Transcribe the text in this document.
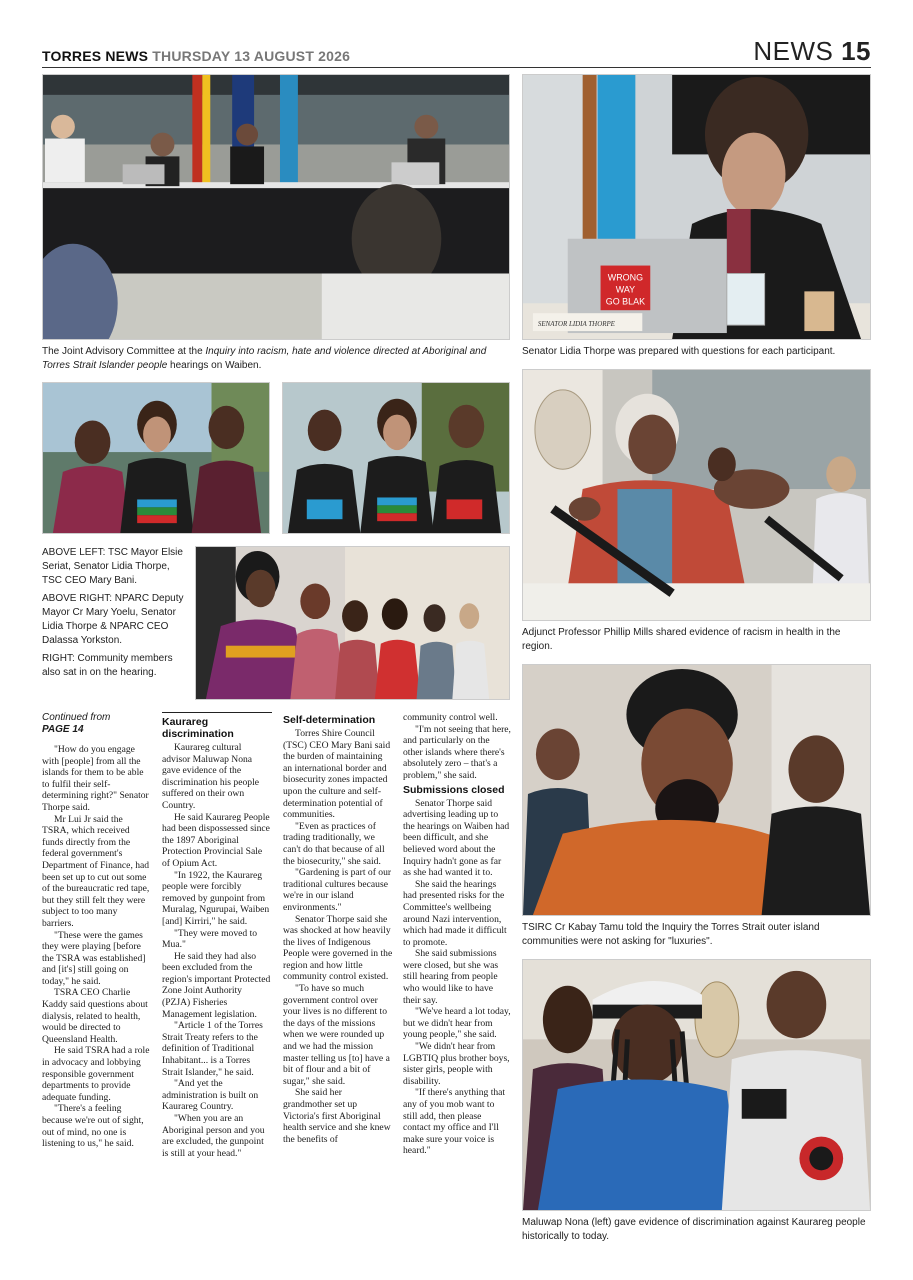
TORRES NEWS THURSDAY 13 AUGUST 2026	NEWS 15
The Joint Advisory Committee at the Inquiry into racism, hate and violence directed at Aboriginal and Torres Strait Islander people hearings on Waiben.
WRONG
WAY
GO BLAK
SENATOR LIDIA THORPE
Senator Lidia Thorpe was prepared with questions for each participant.

ABOVE LEFT: TSC Mayor Elsie Seriat, Senator Lidia Thorpe, TSC CEO Mary Bani.

ABOVE RIGHT: NPARC Deputy Mayor Cr Mary Yoelu, Senator Lidia Thorpe & NPARC CEO Dalassa Yorkston.

RIGHT: Community members also sat in on the hearing.

Adjunct Professor Phillip Mills shared evidence of racism in health in the region.
TSIRC Cr Kabay Tamu told the Inquiry the Torres Strait outer island communities were not asking for "luxuries".
Maluwap Nona (left) gave evidence of discrimination against Kaurareg people historically to today.
Continued from
PAGE 14

"How do you engage with [people] from all the islands for them to be able to fulfil their self-determining right?" Senator Thorpe said.

Mr Lui Jr said the TSRA, which received funds directly from the federal government's Department of Finance, had been set up to cut out some of the bureaucratic red tape, but they still felt they were subject to too many barriers.

"These were the games they were playing [before the TSRA was established] and [it's] still going on today," he said.

TSRA CEO Charlie Kaddy said questions about dialysis, related to health, would be directed to Queensland Health.

He said TSRA had a role in advocacy and lobbying responsible government departments to provide adequate funding.

"There's a feeling because we're out of sight, out of mind, no one is listening to us," he said.

Kaurareg discrimination

Kaurareg cultural advisor Maluwap Nona gave evidence of the discrimination his people suffered on their own Country.

He said Kaurareg People had been dispossessed since the 1897 Aboriginal Protection Provincial Sale of Opium Act.

"In 1922, the Kaurareg people were forcibly removed by gunpoint from Muralag, Ngurupai, Waiben [and] Kirriri," he said.

"They were moved to Mua."

He said they had also been excluded from the region's important Protected Zone Joint Authority (PZJA) Fisheries Management legislation.

"Article 1 of the Torres Strait Treaty refers to the definition of Traditional Inhabitant... is a Torres Strait Islander," he said.

"And yet the administration is built on Kaurareg Country.

"When you are an Aboriginal person and you are excluded, the gunpoint is still at your head."

Self-determination

Torres Shire Council (TSC) CEO Mary Bani said the burden of maintaining an international border and biosecurity zones impacted upon the culture and self-determination potential of communities.

"Even as practices of trading traditionally, we can't do that because of all the biosecurity," she said.

"Gardening is part of our traditional cultures because we're in our island environments."

Senator Thorpe said she was shocked at how heavily the lives of Indigenous People were governed in the region and how little community control existed.

"To have so much government control over your lives is no different to the days of the missions when we were rounded up and we had the mission master telling us [to] have a bit of flour and a bit of sugar," she said.

She said her grandmother set up Victoria's first Aboriginal health service and she knew the benefits of

community control well.

"I'm not seeing that here, and particularly on the other islands where there's absolutely zero – that's a problem," she said.

Submissions closed

Senator Thorpe said advertising leading up to the hearings on Waiben had been difficult, and she believed word about the Inquiry hadn't gone as far as she had wanted it to.

She said the hearings had presented risks for the Committee's wellbeing around Nazi intervention, which had made it difficult to promote.

She said submissions were closed, but she was still hearing from people who would like to have their say.

"We've heard a lot today, but we didn't hear from young people," she said.

"We didn't hear from LGBTIQ plus brother boys, sister girls, people with disability.

"If there's anything that any of you mob want to still add, then please contact my office and I'll make sure your voice is heard."
